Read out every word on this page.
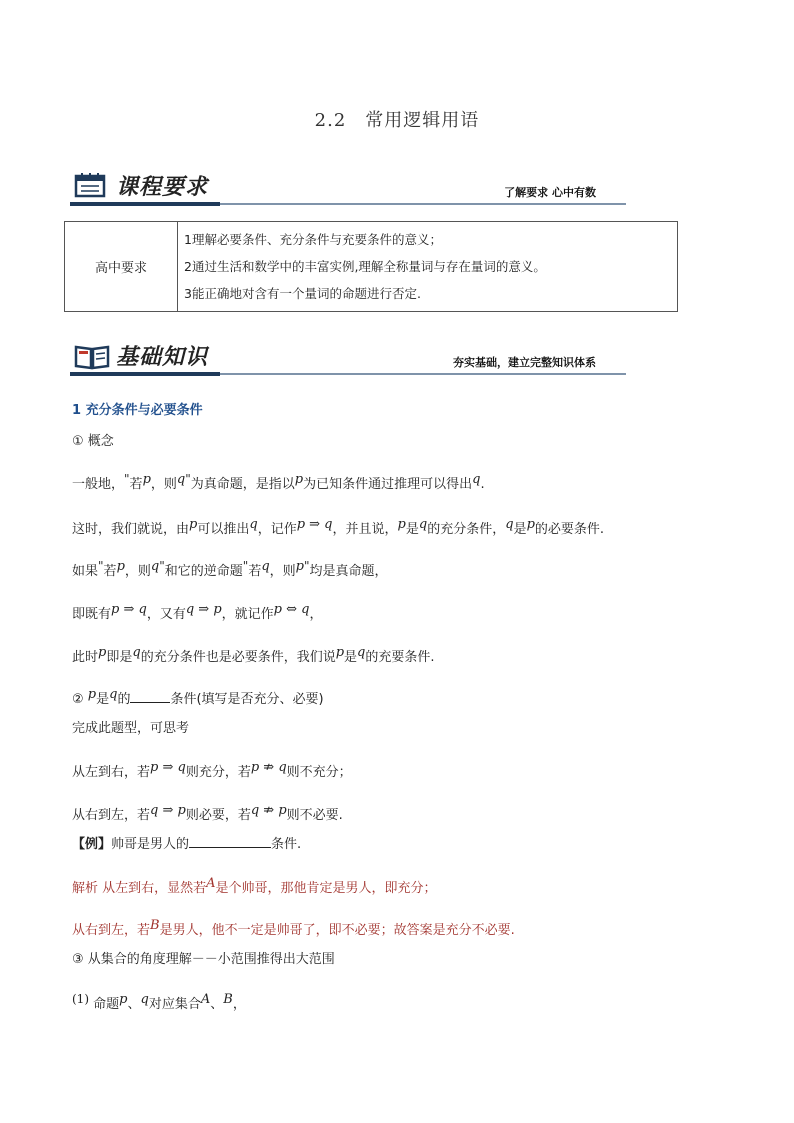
2.2　常用逻辑用语
课程要求	了解要求 心中有数
高中要求	
1理解必要条件、充分条件与充要条件的意义；
2通过生活和数学中的丰富实例,理解全称量词与存在量词的意义。
3能正确地对含有一个量词的命题进行否定.
基础知识	夯实基础，建立完整知识体系
1 充分条件与必要条件
① 概念
一般地，"若p，则q"为真命题，是指以p为已知条件通过推理可以得出q.
这时，我们就说，由p可以推出q，记作p ⇒ q，并且说，p是q的充分条件，q是p的必要条件.
如果"若p，则q"和它的逆命题"若q，则p"均是真命题，
即既有p ⇒ q，又有q ⇒ p，就记作p ⇔ q，
此时p即是q的充分条件也是必要条件，我们说p是q的充要条件.
② p是q的	条件(填写是否充分、必要)
完成此题型，可思考
从左到右，若p ⇒ q则充分，若p ⇏ q则不充分；
从右到左，若q ⇒ p则必要，若q ⇏ p则不必要.
【例】帅哥是男人的	条件.
解析 从左到右，显然若A是个帅哥，那他肯定是男人，即充分；
从右到左，若B是男人，他不一定是帅哥了，即不必要；故答案是充分不必要.
③ 从集合的角度理解－－小范围推得出大范围
(1) 命题p、q对应集合A、B，
